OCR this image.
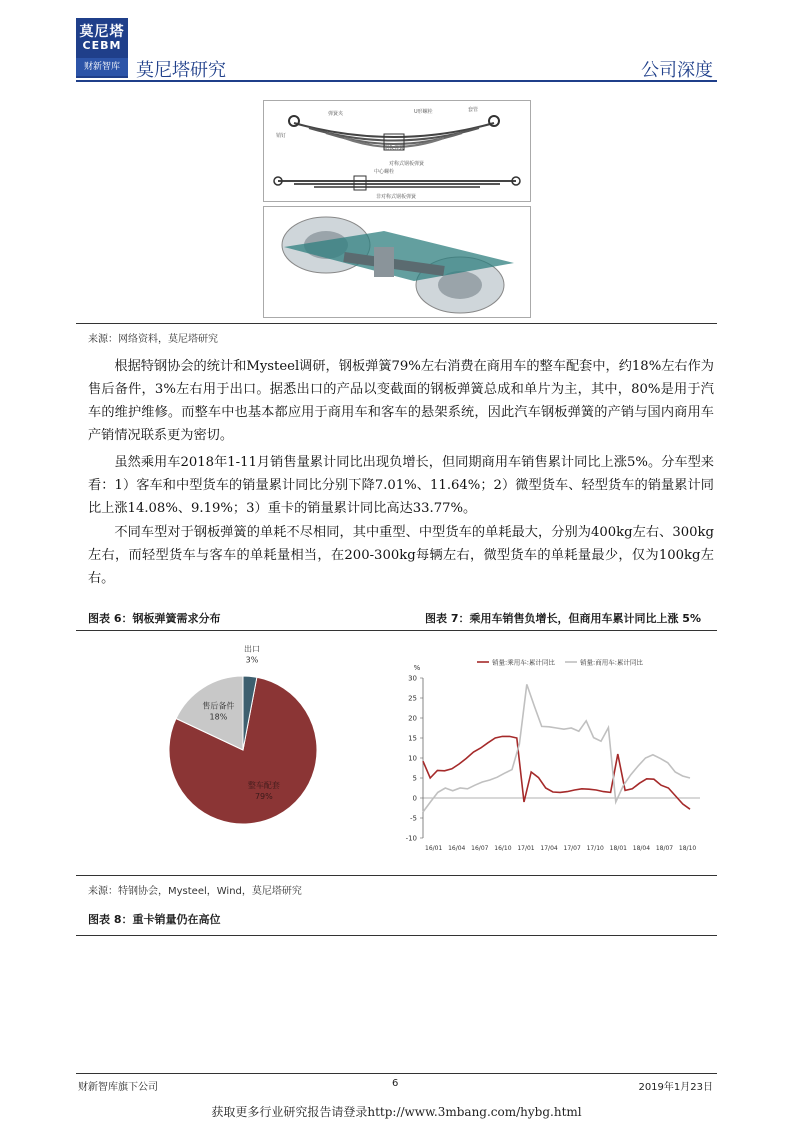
莫尼塔
CEBM
财新智库 莫尼塔研究	公司深度
对称式钢板弹簧
弹簧夹
套管
U形螺栓
钢板弹簧
销钉
中心螺栓
非对称式钢板弹簧
来源：网络资料，莫尼塔研究

根据特钢协会的统计和Mysteel调研，钢板弹簧79%左右消费在商用车的整车配套中，约18%左右作为售后备件，3%左右用于出口。据悉出口的产品以变截面的钢板弹簧总成和单片为主，其中，80%是用于汽车的维护维修。而整车中也基本都应用于商用车和客车的悬架系统，因此汽车钢板弹簧的产销与国内商用车产销情况联系更为密切。

虽然乘用车2018年1-11月销售量累计同比出现负增长，但同期商用车销售累计同比上涨5%。分车型来看：1）客车和中型货车的销量累计同比分别下降7.01%、11.64%；2）微型货车、轻型货车的销量累计同比上涨14.08%、9.19%；3）重卡的销量累计同比高达33.77%。

不同车型对于钢板弹簧的单耗不尽相同，其中重型、中型货车的单耗最大，分别为400kg左右、300kg左右，而轻型货车与客车的单耗量相当，在200-300kg每辆左右，微型货车的单耗量最少，仅为100kg左右。

图表 6：钢板弹簧需求分布	图表 7：乘用车销售负增长，但商用车累计同比上涨 5%
整车配套
79%
售后备件
18%
出口
3%
%
-10
-5
0
5
10
15
20
25
30
16/01 16/04 16/07 16/10 17/01 17/04 17/07 17/10 18/01 18/04 18/07 18/10
销量:乘用车:累计同比	销量:商用车:累计同比
来源：特钢协会，Mysteel，Wind，莫尼塔研究
图表 8：重卡销量仍在高位
财新智库旗下公司	6	2019年1月23日
获取更多行业研究报告请登录http://www.3mbang.com/hybg.html
